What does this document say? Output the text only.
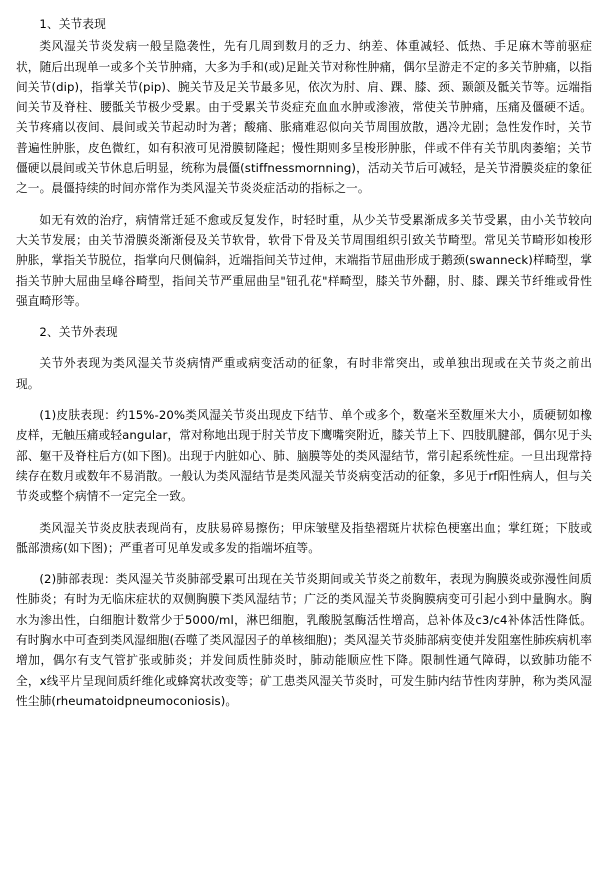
1、关节表现
类风湿关节炎发病一般呈隐袭性，先有几周到数月的乏力、纳差、体重减轻、低热、手足麻木等前驱症状，随后出现单一或多个关节肿痛，大多为手和(或)足趾关节对称性肿痛，偶尔呈游走不定的多关节肿痛，以指间关节(dip)，指掌关节(pip)、腕关节及足关节最多见，依次为肘、肩、踝、膝、颈、颞颌及骶关节等。远端指间关节及脊柱、腰骶关节极少受累。由于受累关节炎症充血血水肿或渗液，常使关节肿痛，压痛及僵硬不适。关节疼痛以夜间、晨间或关节起动时为著；酸痛、胀痛难忍似向关节周围放散，遇冷尤剧；急性发作时，关节普遍性肿胀，皮色微红，如有积液可见滑膜韧隆起；慢性期则多呈梭形肿胀，伴或不伴有关节肌肉萎缩；关节僵硬以晨间或关节休息后明显，统称为晨僵(stiffnessmornning)，活动关节后可减轻，是关节滑膜炎症的象征之一。晨僵持续的时间亦常作为类风湿关节炎炎症活动的指标之一。
如无有效的治疗，病情常迁延不愈或反复发作，时轻时重，从少关节受累渐成多关节受累，由小关节较向大关节发展；由关节滑膜炎渐渐侵及关节软骨，软骨下骨及关节周围组织引致关节畸型。常见关节畸形如梭形肿胀，掌指关节脱位，指掌向尺侧偏斜，近端指间关节过伸，末端指节屈曲形成于鹅颈(swanneck)样畸型，掌指关节肿大屈曲呈峰谷畸型，指间关节严重屈曲呈"钮孔花"样畸型，膝关节外翻，肘、膝、踝关节纤维或骨性强直畸形等。
2、关节外表现
关节外表现为类风湿关节炎病情严重或病变活动的征象，有时非常突出，或单独出现或在关节炎之前出现。
(1)皮肤表现：约15%-20%类风湿关节炎出现皮下结节、单个或多个，数毫米至数厘米大小，质硬韧如橡皮样，无触压痛或轻angular，常对称地出现于肘关节皮下鹰嘴突附近，膝关节上下、四肢肌腱部，偶尔见于头部、躯干及脊柱后方(如下图)。出现于内脏如心、肺、脑膜等处的类风湿结节，常引起系统性症。一旦出现常持续存在数月或数年不易消散。一般认为类风湿结节是类风湿关节炎病变活动的征象，多见于rf阳性病人，但与关节炎或整个病情不一定完全一致。
类风湿关节炎皮肤表现尚有，皮肤易碎易擦伤；甲床皱壁及指垫褶斑片状棕色梗塞出血；掌红斑；下肢或骶部溃疡(如下图)；严重者可见单发或多发的指端坏疽等。
(2)肺部表现：类风湿关节炎肺部受累可出现在关节炎期间或关节炎之前数年，表现为胸膜炎或弥漫性间质性肺炎；有时为无临床症状的双侧胸膜下类风湿结节；广泛的类风湿关节炎胸膜病变可引起小到中量胸水。胸水为渗出性，白细胞计数常少于5000/ml，淋巴细胞，乳酸脱氢酶活性增高，总补体及c3/c4补体活性降低。有时胸水中可查到类风湿细胞(吞噬了类风湿因子的单核细胞)；类风湿关节炎肺部病变使并发阻塞性肺疾病机率增加，偶尔有支气管扩张或肺炎；并发间质性肺炎时，肺动能顺应性下降。限制性通气障碍，以致肺功能不全，x线平片呈现间质纤维化或蜂窝状改变等；矿工患类风湿关节炎时，可发生肺内结节性肉芽肿，称为类风湿性尘肺(rheumatoidpneumoconiosis)。
